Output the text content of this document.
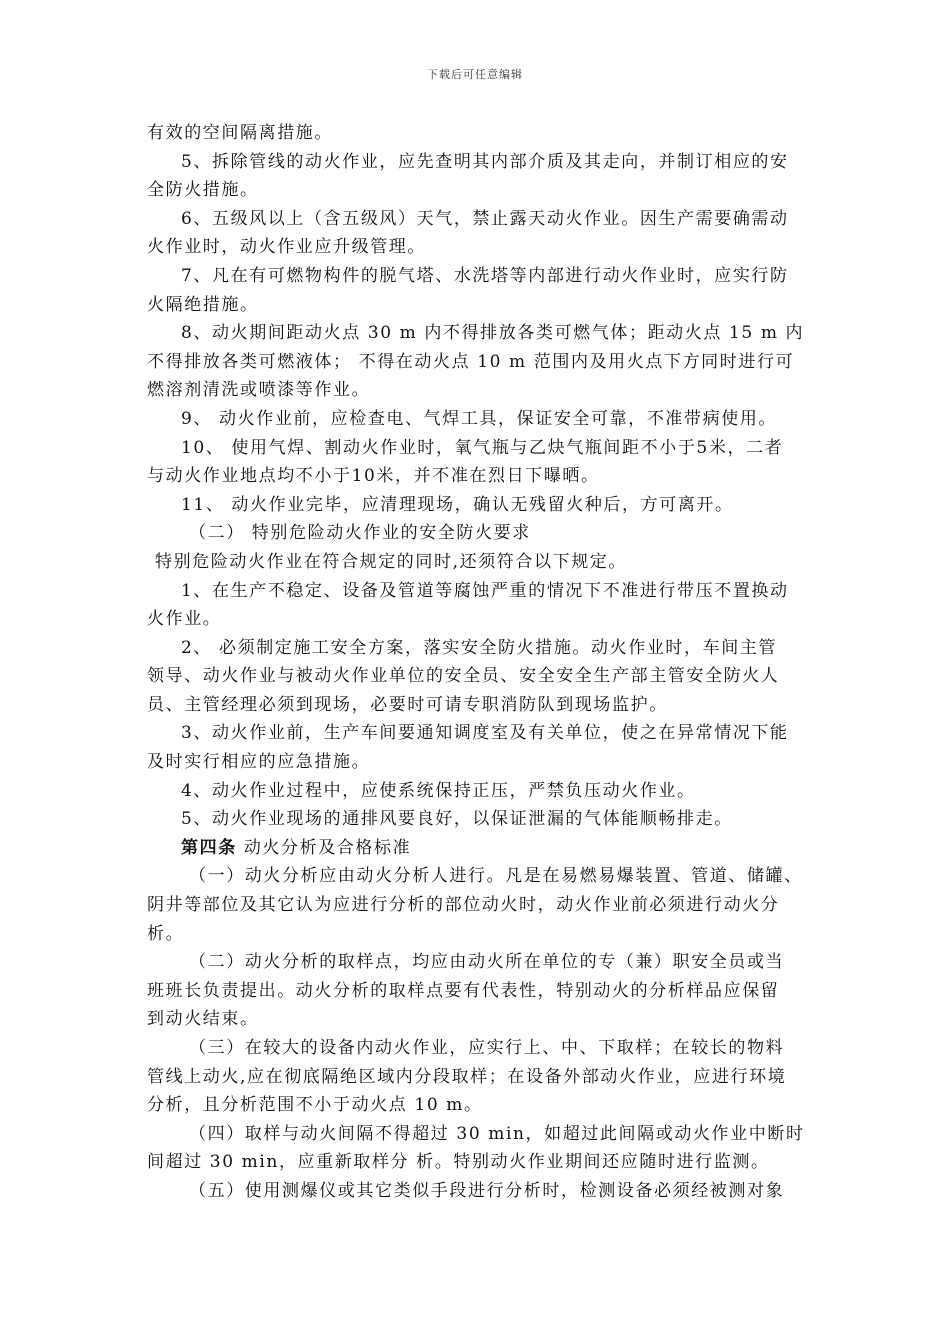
下载后可任意编辑
有效的空间隔离措施。
5、拆除管线的动火作业，应先查明其内部介质及其走向，并制订相应的安
全防火措施。
6、五级风以上（含五级风）天气，禁止露天动火作业。因生产需要确需动
火作业时，动火作业应升级管理。
7、凡在有可燃物构件的脱气塔、水洗塔等内部进行动火作业时，应实行防
火隔绝措施。
8、动火期间距动火点 30 m 内不得排放各类可燃气体；距动火点 15 m 内
不得排放各类可燃液体； 不得在动火点 10 m 范围内及用火点下方同时进行可
燃溶剂清洗或喷漆等作业。
9、 动火作业前，应检查电、气焊工具，保证安全可靠，不准带病使用。
10、 使用气焊、割动火作业时，氧气瓶与乙炔气瓶间距不小于5米，二者
与动火作业地点均不小于10米，并不准在烈日下曝晒。
11、 动火作业完毕，应清理现场，确认无残留火种后，方可离开。
（二） 特别危险动火作业的安全防火要求
特别危险动火作业在符合规定的同时,还须符合以下规定。
1、在生产不稳定、设备及管道等腐蚀严重的情况下不准进行带压不置换动
火作业。
2、 必须制定施工安全方案，落实安全防火措施。动火作业时，车间主管
领导、动火作业与被动火作业单位的安全员、安全安全生产部主管安全防火人
员、主管经理必须到现场，必要时可请专职消防队到现场监护。
3、动火作业前，生产车间要通知调度室及有关单位，使之在异常情况下能
及时实行相应的应急措施。
4、动火作业过程中，应使系统保持正压，严禁负压动火作业。
5、动火作业现场的通排风要良好，以保证泄漏的气体能顺畅排走。
第四条 动火分析及合格标准
（一）动火分析应由动火分析人进行。凡是在易燃易爆装置、管道、储罐、
阴井等部位及其它认为应进行分析的部位动火时，动火作业前必须进行动火分
析。
（二）动火分析的取样点，均应由动火所在单位的专（兼）职安全员或当
班班长负责提出。动火分析的取样点要有代表性，特别动火的分析样品应保留
到动火结束。
（三）在较大的设备内动火作业，应实行上、中、下取样；在较长的物料
管线上动火,应在彻底隔绝区域内分段取样；在设备外部动火作业，应进行环境
分析，且分析范围不小于动火点 10 m。
（四）取样与动火间隔不得超过 30 min，如超过此间隔或动火作业中断时
间超过 30 min，应重新取样分 析。特别动火作业期间还应随时进行监测。
（五）使用测爆仪或其它类似手段进行分析时，检测设备必须经被测对象
